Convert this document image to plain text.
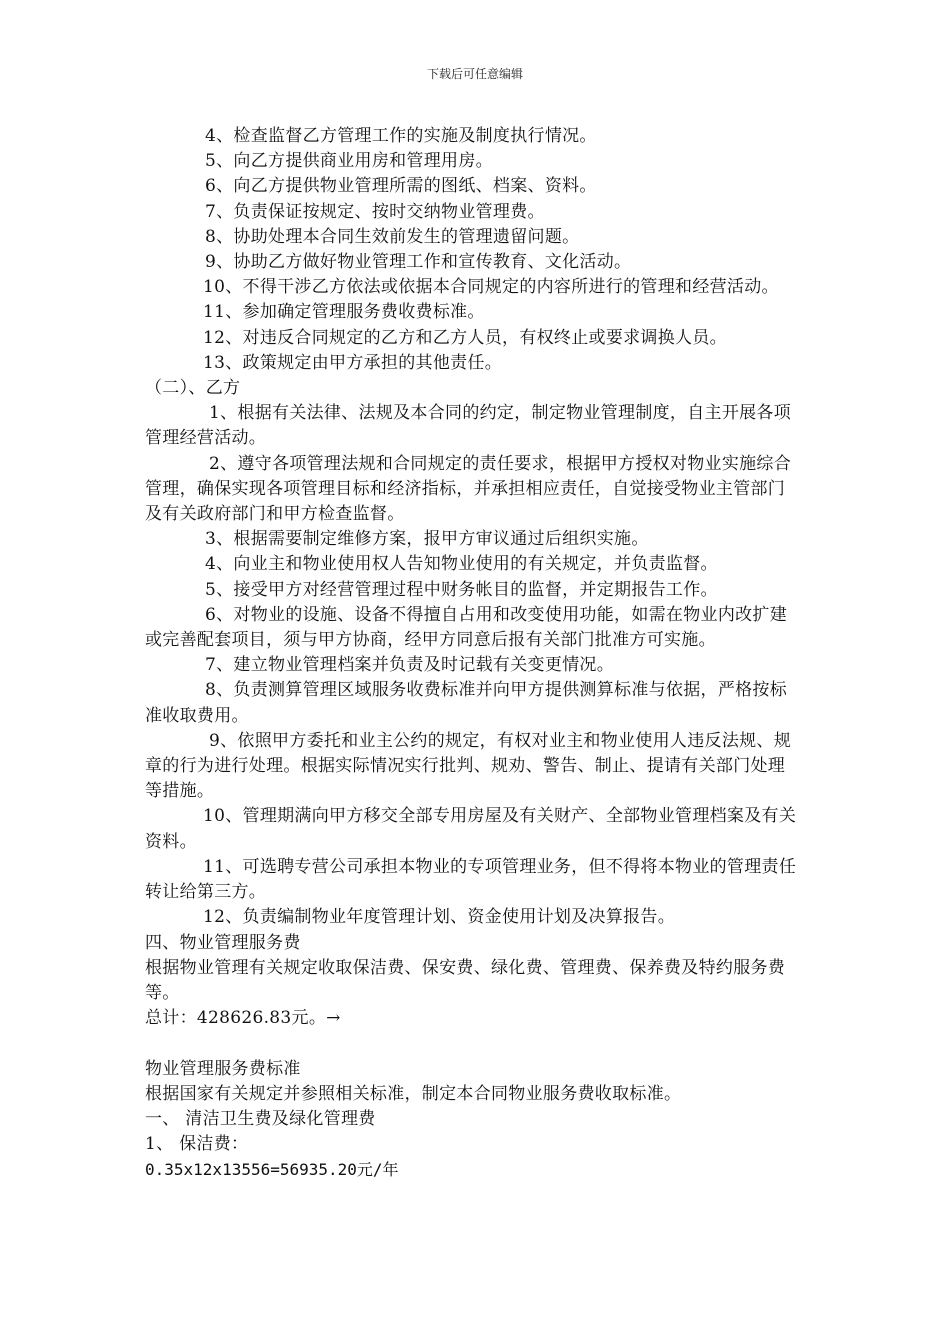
下载后可任意编辑

4、检查监督乙方管理工作的实施及制度执行情况。

5、向乙方提供商业用房和管理用房。

6、向乙方提供物业管理所需的图纸、档案、资料。

7、负责保证按规定、按时交纳物业管理费。

8、协助处理本合同生效前发生的管理遗留问题。

9、协助乙方做好物业管理工作和宣传教育、文化活动。

10、不得干涉乙方依法或依据本合同规定的内容所进行的管理和经营活动。

11、参加确定管理服务费收费标准。

12、对违反合同规定的乙方和乙方人员，有权终止或要求调换人员。

13、政策规定由甲方承担的其他责任。

（二）、乙方

1、根据有关法律、法规及本合同的约定，制定物业管理制度，自主开展各项管理经营活动。

2、遵守各项管理法规和合同规定的责任要求，根据甲方授权对物业实施综合管理，确保实现各项管理目标和经济指标，并承担相应责任，自觉接受物业主管部门及有关政府部门和甲方检查监督。

3、根据需要制定维修方案，报甲方审议通过后组织实施。

4、向业主和物业使用权人告知物业使用的有关规定，并负责监督。

5、接受甲方对经营管理过程中财务帐目的监督，并定期报告工作。

6、对物业的设施、设备不得擅自占用和改变使用功能，如需在物业内改扩建或完善配套项目，须与甲方协商，经甲方同意后报有关部门批准方可实施。

7、建立物业管理档案并负责及时记载有关变更情况。

8、负责测算管理区域服务收费标准并向甲方提供测算标准与依据，严格按标准收取费用。

9、依照甲方委托和业主公约的规定，有权对业主和物业使用人违反法规、规章的行为进行处理。根据实际情况实行批判、规劝、警告、制止、提请有关部门处理等措施。

10、管理期满向甲方移交全部专用房屋及有关财产、全部物业管理档案及有关资料。

11、可选聘专营公司承担本物业的专项管理业务，但不得将本物业的管理责任转让给第三方。

12、负责编制物业年度管理计划、资金使用计划及决算报告。

四、物业管理服务费

根据物业管理有关规定收取保洁费、保安费、绿化费、管理费、保养费及特约服务费等。

总计：428626.83元。→

物业管理服务费标准

根据国家有关规定并参照相关标准，制定本合同物业服务费收取标准。

一、 清洁卫生费及绿化管理费

1、 保洁费：

0.35x12x13556=56935.20元/年
